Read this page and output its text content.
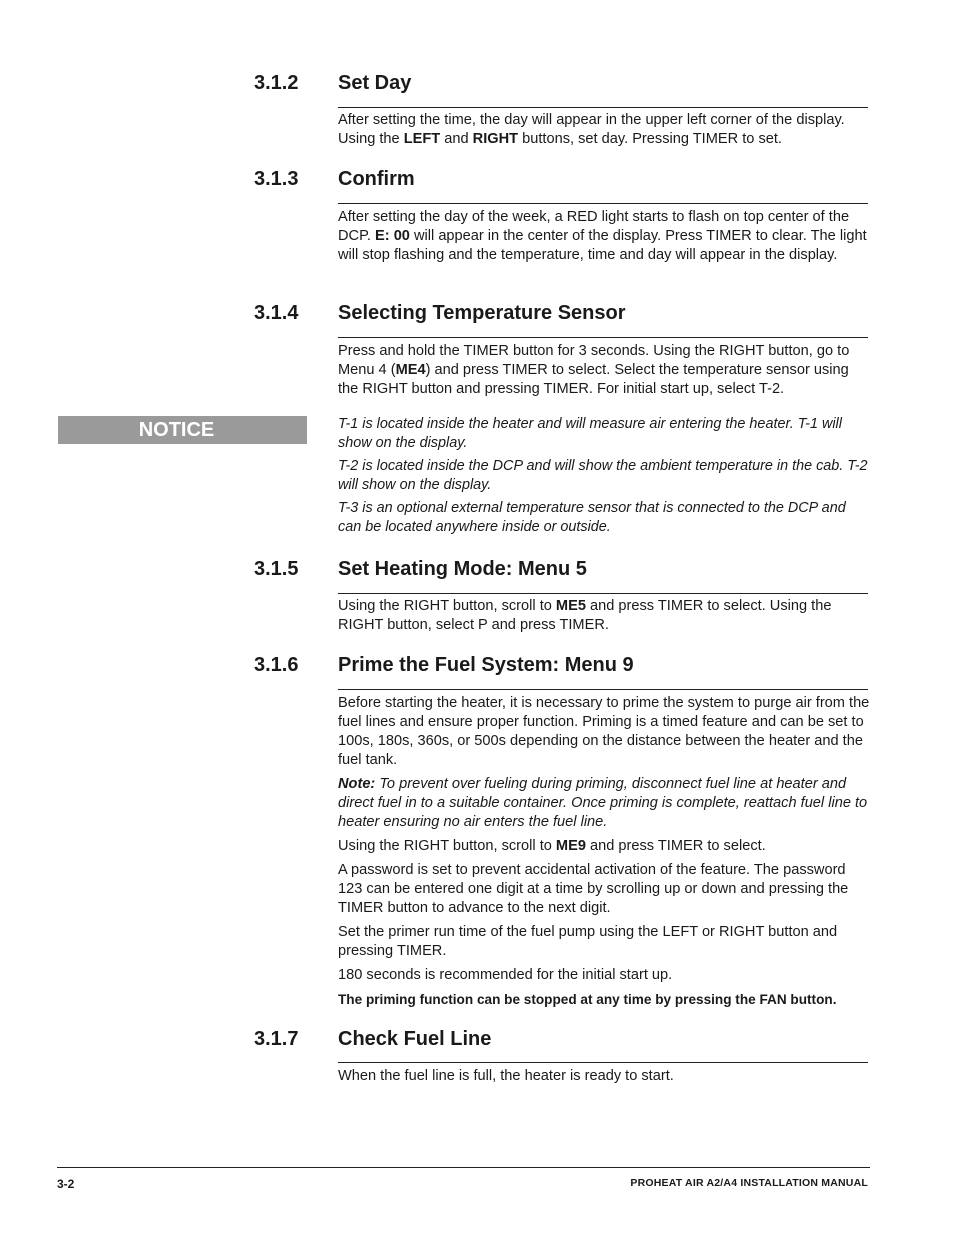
3.1.2 Set Day

After setting the time, the day will appear in the upper left corner of the display. Using the LEFT and RIGHT buttons, set day. Pressing TIMER to set.

3.1.3 Confirm

After setting the day of the week, a RED light starts to flash on top center of the DCP. E: 00 will appear in the center of the display. Press TIMER to clear. The light will stop flashing and the temperature, time and day will appear in the display.

3.1.4 Selecting Temperature Sensor

Press and hold the TIMER button for 3 seconds. Using the RIGHT button, go to Menu 4 (ME4) and press TIMER to select. Select the temperature sensor using the RIGHT button and pressing TIMER. For initial start up, select T-2.

NOTICE	T-1 is located inside the heater and will measure air entering the heater. T-1 will show on the display.

T-2 is located inside the DCP and will show the ambient temperature in the cab. T-2 will show on the display.

T-3 is an optional external temperature sensor that is connected to the DCP and can be located anywhere inside or outside.

3.1.5 Set Heating Mode: Menu 5

Using the RIGHT button, scroll to ME5 and press TIMER to select. Using the RIGHT button, select P and press TIMER.

3.1.6 Prime the Fuel System: Menu 9

Before starting the heater, it is necessary to prime the system to purge air from the fuel lines and ensure proper function. Priming is a timed feature and can be set to 100s, 180s, 360s, or 500s depending on the distance between the heater and the fuel tank.

Note: To prevent over fueling during priming, disconnect fuel line at heater and direct fuel in to a suitable container. Once priming is complete, reattach fuel line to heater ensuring no air enters the fuel line.

Using the RIGHT button, scroll to ME9 and press TIMER to select.

A password is set to prevent accidental activation of the feature. The password 123 can be entered one digit at a time by scrolling up or down and pressing the TIMER button to advance to the next digit.

Set the primer run time of the fuel pump using the LEFT or RIGHT button and pressing TIMER.

180 seconds is recommended for the initial start up.

The priming function can be stopped at any time by pressing the FAN button.

3.1.7 Check Fuel Line

When the fuel line is full, the heater is ready to start.

3-2	PROHEAT AIR A2/A4 INSTALLATION MANUAL
